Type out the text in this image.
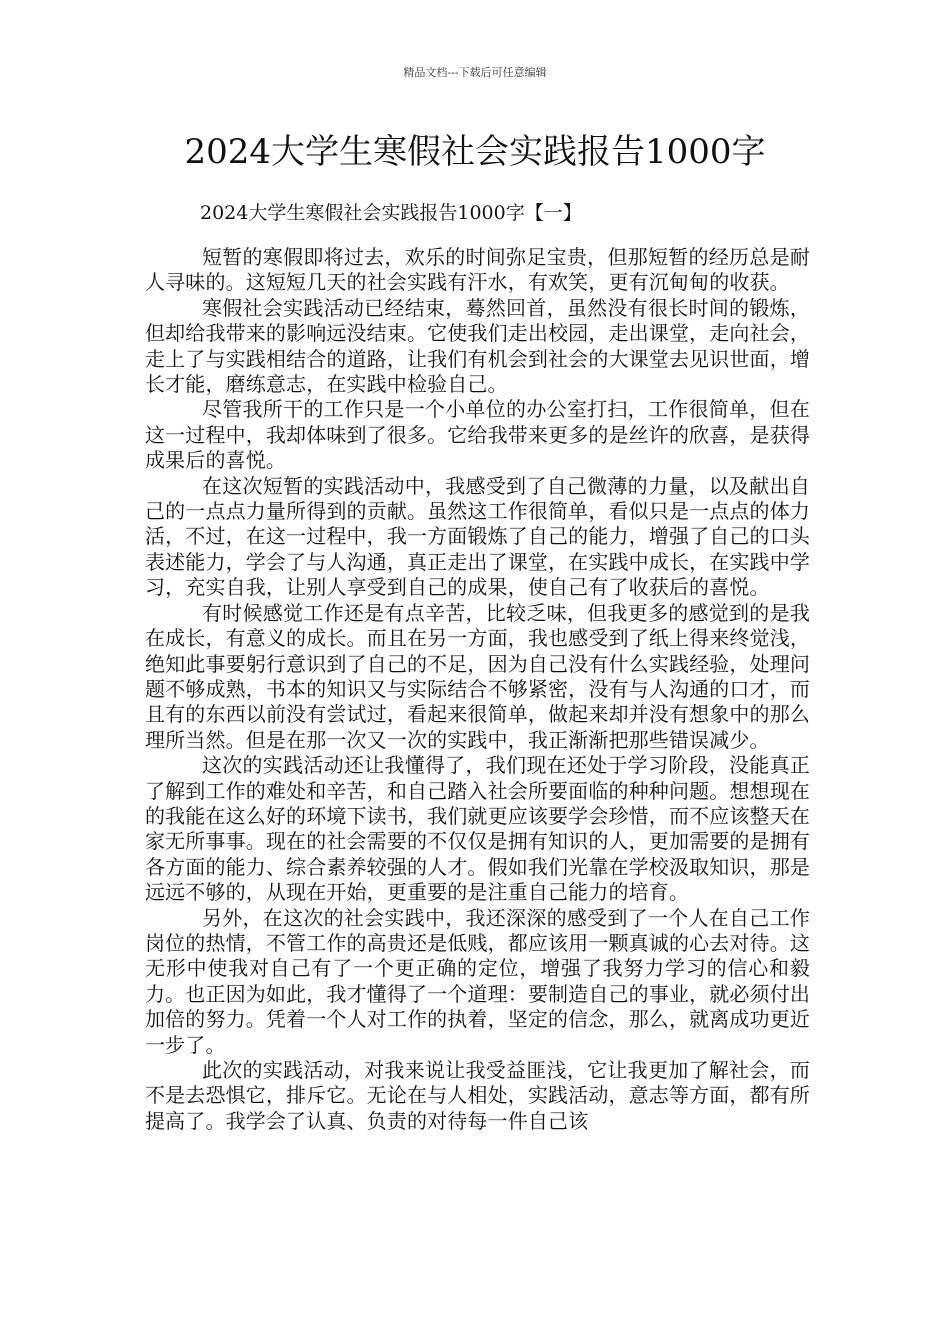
精品文档---下载后可任意编辑
2024大学生寒假社会实践报告1000字
2024大学生寒假社会实践报告1000字【一】

短暂的寒假即将过去，欢乐的时间弥足宝贵，但那短暂的经历总是耐人寻味的。这短短几天的社会实践有汗水，有欢笑，更有沉甸甸的收获。

寒假社会实践活动已经结束，蓦然回首，虽然没有很长时间的锻炼，但却给我带来的影响远没结束。它使我们走出校园，走出课堂，走向社会，走上了与实践相结合的道路，让我们有机会到社会的大课堂去见识世面，增长才能，磨练意志，在实践中检验自己。

尽管我所干的工作只是一个小单位的办公室打扫，工作很简单，但在这一过程中，我却体味到了很多。它给我带来更多的是丝许的欣喜，是获得成果后的喜悦。

在这次短暂的实践活动中，我感受到了自己微薄的力量，以及献出自己的一点点力量所得到的贡献。虽然这工作很简单，看似只是一点点的体力活，不过，在这一过程中，我一方面锻炼了自己的能力，增强了自己的口头表述能力，学会了与人沟通，真正走出了课堂，在实践中成长，在实践中学习，充实自我，让别人享受到自己的成果，使自己有了收获后的喜悦。

有时候感觉工作还是有点辛苦，比较乏味，但我更多的感觉到的是我在成长，有意义的成长。而且在另一方面，我也感受到了纸上得来终觉浅，绝知此事要躬行意识到了自己的不足，因为自己没有什么实践经验，处理问题不够成熟，书本的知识又与实际结合不够紧密，没有与人沟通的口才，而且有的东西以前没有尝试过，看起来很简单，做起来却并没有想象中的那么理所当然。但是在那一次又一次的实践中，我正渐渐把那些错误减少。

这次的实践活动还让我懂得了，我们现在还处于学习阶段，没能真正了解到工作的难处和辛苦，和自己踏入社会所要面临的种种问题。想想现在的我能在这么好的环境下读书，我们就更应该要学会珍惜，而不应该整天在家无所事事。现在的社会需要的不仅仅是拥有知识的人，更加需要的是拥有各方面的能力、综合素养较强的人才。假如我们光靠在学校汲取知识，那是远远不够的，从现在开始，更重要的是注重自己能力的培育。

另外，在这次的社会实践中，我还深深的感受到了一个人在自己工作岗位的热情，不管工作的高贵还是低贱，都应该用一颗真诚的心去对待。这无形中使我对自己有了一个更正确的定位，增强了我努力学习的信心和毅力。也正因为如此，我才懂得了一个道理：要制造自己的事业，就必须付出加倍的努力。凭着一个人对工作的执着，坚定的信念，那么，就离成功更近一步了。

此次的实践活动，对我来说让我受益匪浅，它让我更加了解社会，而不是去恐惧它，排斥它。无论在与人相处，实践活动，意志等方面，都有所提高了。我学会了认真、负责的对待每一件自己该
